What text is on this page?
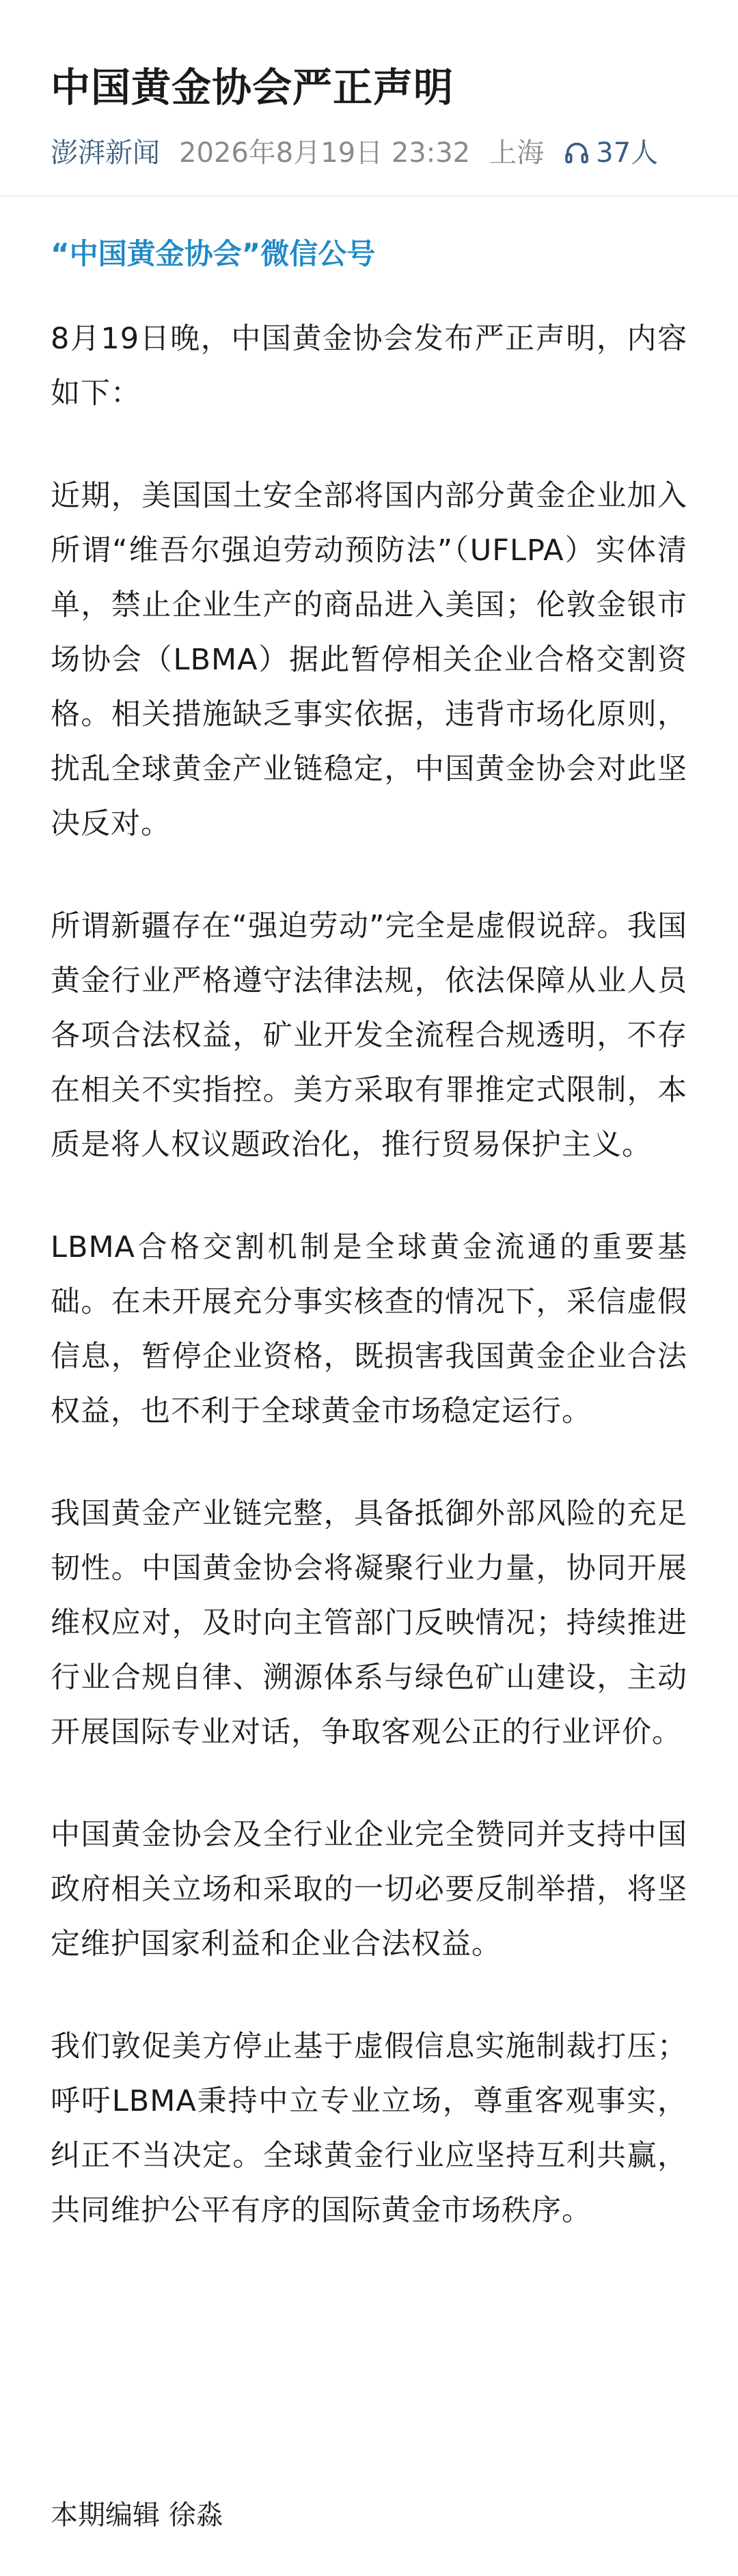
中国黄金协会严正声明
澎湃新闻 2026年8月19日 23:32 上海 37人
“中国黄金协会”微信公号

8月19日晚，中国黄金协会发布严正声明，内容如下：

近期，美国国土安全部将国内部分黄金企业加入所谓“维吾尔强迫劳动预防法”（UFLPA）实体清单，禁止企业生产的商品进入美国；伦敦金银市场协会（LBMA）据此暂停相关企业合格交割资格。相关措施缺乏事实依据，违背市场化原则，扰乱全球黄金产业链稳定，中国黄金协会对此坚决反对。

所谓新疆存在“强迫劳动”完全是虚假说辞。我国黄金行业严格遵守法律法规，依法保障从业人员各项合法权益，矿业开发全流程合规透明，不存在相关不实指控。美方采取有罪推定式限制，本质是将人权议题政治化，推行贸易保护主义。

LBMA合格交割机制是全球黄金流通的重要基础。在未开展充分事实核查的情况下，采信虚假信息，暂停企业资格，既损害我国黄金企业合法权益，也不利于全球黄金市场稳定运行。

我国黄金产业链完整，具备抵御外部风险的充足韧性。中国黄金协会将凝聚行业力量，协同开展维权应对，及时向主管部门反映情况；持续推进行业合规自律、溯源体系与绿色矿山建设，主动开展国际专业对话，争取客观公正的行业评价。

中国黄金协会及全行业企业完全赞同并支持中国政府相关立场和采取的一切必要反制举措，将坚定维护国家利益和企业合法权益。

我们敦促美方停止基于虚假信息实施制裁打压；呼吁LBMA秉持中立专业立场，尊重客观事实，纠正不当决定。全球黄金行业应坚持互利共赢，共同维护公平有序的国际黄金市场秩序。

本期编辑 徐淼
